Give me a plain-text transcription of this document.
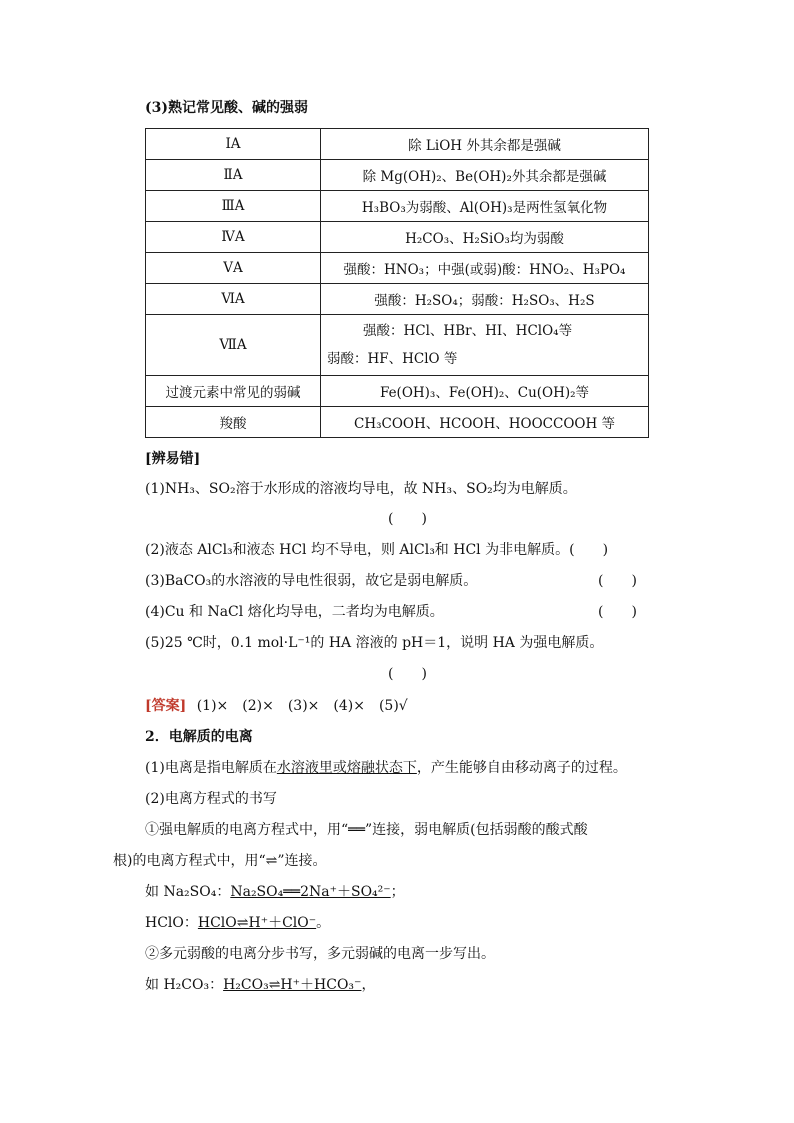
(3)熟记常见酸、碱的强弱
ⅠA	除 LiOH 外其余都是强碱
ⅡA	除 Mg(OH)₂、Be(OH)₂外其余都是强碱
ⅢA	H₃BO₃为弱酸、Al(OH)₃是两性氢氧化物
ⅣA	H₂CO₃、H₂SiO₃均为弱酸
ⅤA	强酸：HNO₃；中强(或弱)酸：HNO₂、H₃PO₄
ⅥA	强酸：H₂SO₄；弱酸：H₂SO₃、H₂S
ⅦA	强酸：HCl、HBr、HI、HClO₄等
弱酸：HF、HClO 等

过渡元素中常见的弱碱	Fe(OH)₃、Fe(OH)₂、Cu(OH)₂等
羧酸	CH₃COOH、HCOOH、HOOCCOOH 等
[辨易错]
(1)NH₃、SO₂溶于水形成的溶液均导电，故 NH₃、SO₂均为电解质。
(　　)
(2)液态 AlCl₃和液态 HCl 均不导电，则 AlCl₃和 HCl 为非电解质。(　　)
(3)BaCO₃的水溶液的导电性很弱，故它是弱电解质。	(　　)
(4)Cu 和 NaCl 熔化均导电，二者均为电解质。	(　　)
(5)25 ℃时，0.1 mol·L⁻¹的 HA 溶液的 pH＝1，说明 HA 为强电解质。
(　　)
[答案] (1)×　(2)×　(3)×　(4)×　(5)√
2．电解质的电离
(1)电离是指电解质在水溶液里或熔融状态下，产生能够自由移动离子的过程。
(2)电离方程式的书写
①强电解质的电离方程式中，用“══”连接，弱电解质(包括弱酸的酸式酸
根)的电离方程式中，用“⇌”连接。
如 Na₂SO₄：Na₂SO₄══2Na⁺＋SO₄²⁻；
HClO：HClO⇌H⁺＋ClO⁻。
②多元弱酸的电离分步书写，多元弱碱的电离一步写出。
如 H₂CO₃：H₂CO₃⇌H⁺＋HCO₃⁻，
